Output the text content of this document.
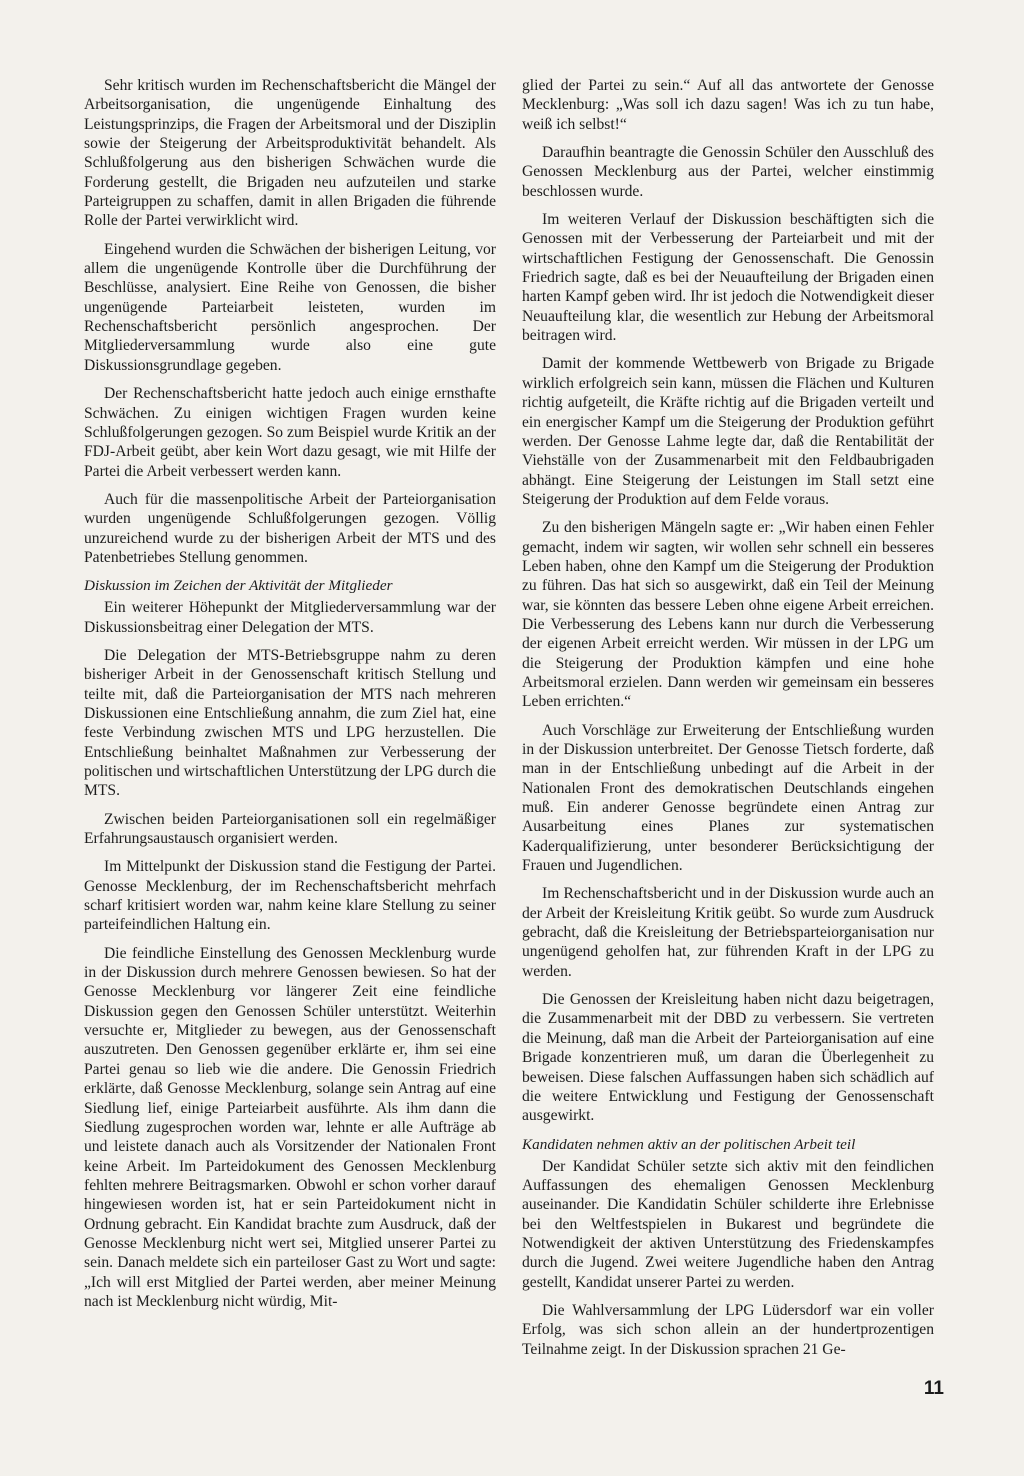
Sehr kritisch wurden im Rechenschaftsbericht die Mängel der Arbeitsorganisation, die ungenügende Einhaltung des Leistungsprinzips, die Fragen der Arbeitsmoral und der Disziplin sowie der Steigerung der Arbeitsproduktivität behandelt. Als Schlußfolgerung aus den bisherigen Schwächen wurde die Forderung gestellt, die Brigaden neu aufzuteilen und starke Parteigruppen zu schaffen, damit in allen Brigaden die führende Rolle der Partei verwirklicht wird.

Eingehend wurden die Schwächen der bisherigen Leitung, vor allem die ungenügende Kontrolle über die Durchführung der Beschlüsse, analysiert. Eine Reihe von Genossen, die bisher ungenügende Parteiarbeit leisteten, wurden im Rechenschaftsbericht persönlich angesprochen. Der Mitgliederversammlung wurde also eine gute Diskussionsgrundlage gegeben.

Der Rechenschaftsbericht hatte jedoch auch einige ernsthafte Schwächen. Zu einigen wichtigen Fragen wurden keine Schlußfolgerungen gezogen. So zum Beispiel wurde Kritik an der FDJ-Arbeit geübt, aber kein Wort dazu gesagt, wie mit Hilfe der Partei die Arbeit verbessert werden kann.

Auch für die massenpolitische Arbeit der Parteiorganisation wurden ungenügende Schlußfolgerungen gezogen. Völlig unzureichend wurde zu der bisherigen Arbeit der MTS und des Patenbetriebes Stellung genommen.

Diskussion im Zeichen der Aktivität der Mitglieder

Ein weiterer Höhepunkt der Mitgliederversammlung war der Diskussionsbeitrag einer Delegation der MTS.

Die Delegation der MTS-Betriebsgruppe nahm zu deren bisheriger Arbeit in der Genossenschaft kritisch Stellung und teilte mit, daß die Parteiorganisation der MTS nach mehreren Diskussionen eine Entschließung annahm, die zum Ziel hat, eine feste Verbindung zwischen MTS und LPG herzustellen. Die Entschließung beinhaltet Maßnahmen zur Verbesserung der politischen und wirtschaftlichen Unterstützung der LPG durch die MTS.

Zwischen beiden Parteiorganisationen soll ein regelmäßiger Erfahrungsaustausch organisiert werden.

Im Mittelpunkt der Diskussion stand die Festigung der Partei. Genosse Mecklenburg, der im Rechenschaftsbericht mehrfach scharf kritisiert worden war, nahm keine klare Stellung zu seiner parteifeindlichen Haltung ein.

Die feindliche Einstellung des Genossen Mecklenburg wurde in der Diskussion durch mehrere Genossen bewiesen. So hat der Genosse Mecklenburg vor längerer Zeit eine feindliche Diskussion gegen den Genossen Schüler unterstützt. Weiterhin versuchte er, Mitglieder zu bewegen, aus der Genossenschaft auszutreten. Den Genossen gegenüber erklärte er, ihm sei eine Partei genau so lieb wie die andere. Die Genossin Friedrich erklärte, daß Genosse Mecklenburg, solange sein Antrag auf eine Siedlung lief, einige Parteiarbeit ausführte. Als ihm dann die Siedlung zugesprochen worden war, lehnte er alle Aufträge ab und leistete danach auch als Vorsitzender der Nationalen Front keine Arbeit. Im Parteidokument des Genossen Mecklenburg fehlten mehrere Beitragsmarken. Obwohl er schon vorher darauf hingewiesen worden ist, hat er sein Parteidokument nicht in Ordnung gebracht. Ein Kandidat brachte zum Ausdruck, daß der Genosse Mecklenburg nicht wert sei, Mitglied unserer Partei zu sein. Danach meldete sich ein parteiloser Gast zu Wort und sagte: „Ich will erst Mitglied der Partei werden, aber meiner Meinung nach ist Mecklenburg nicht würdig, Mit-

glied der Partei zu sein.“ Auf all das antwortete der Genosse Mecklenburg: „Was soll ich dazu sagen! Was ich zu tun habe, weiß ich selbst!“

Daraufhin beantragte die Genossin Schüler den Ausschluß des Genossen Mecklenburg aus der Partei, welcher einstimmig beschlossen wurde.

Im weiteren Verlauf der Diskussion beschäftigten sich die Genossen mit der Verbesserung der Parteiarbeit und mit der wirtschaftlichen Festigung der Genossenschaft. Die Genossin Friedrich sagte, daß es bei der Neuaufteilung der Brigaden einen harten Kampf geben wird. Ihr ist jedoch die Notwendigkeit dieser Neuaufteilung klar, die wesentlich zur Hebung der Arbeitsmoral beitragen wird.

Damit der kommende Wettbewerb von Brigade zu Brigade wirklich erfolgreich sein kann, müssen die Flächen und Kulturen richtig aufgeteilt, die Kräfte richtig auf die Brigaden verteilt und ein energischer Kampf um die Steigerung der Produktion geführt werden. Der Genosse Lahme legte dar, daß die Rentabilität der Viehställe von der Zusammenarbeit mit den Feldbaubrigaden abhängt. Eine Steigerung der Leistungen im Stall setzt eine Steigerung der Produktion auf dem Felde voraus.

Zu den bisherigen Mängeln sagte er: „Wir haben einen Fehler gemacht, indem wir sagten, wir wollen sehr schnell ein besseres Leben haben, ohne den Kampf um die Steigerung der Produktion zu führen. Das hat sich so ausgewirkt, daß ein Teil der Meinung war, sie könnten das bessere Leben ohne eigene Arbeit erreichen. Die Verbesserung des Lebens kann nur durch die Verbesserung der eigenen Arbeit erreicht werden. Wir müssen in der LPG um die Steigerung der Produktion kämpfen und eine hohe Arbeitsmoral erzielen. Dann werden wir gemeinsam ein besseres Leben errichten.“

Auch Vorschläge zur Erweiterung der Entschließung wurden in der Diskussion unterbreitet. Der Genosse Tietsch forderte, daß man in der Entschließung unbedingt auf die Arbeit in der Nationalen Front des demokratischen Deutschlands eingehen muß. Ein anderer Genosse begründete einen Antrag zur Ausarbeitung eines Planes zur systematischen Kaderqualifizierung, unter besonderer Berücksichtigung der Frauen und Jugendlichen.

Im Rechenschaftsbericht und in der Diskussion wurde auch an der Arbeit der Kreisleitung Kritik geübt. So wurde zum Ausdruck gebracht, daß die Kreisleitung der Betriebsparteiorganisation nur ungenügend geholfen hat, zur führenden Kraft in der LPG zu werden.

Die Genossen der Kreisleitung haben nicht dazu beigetragen, die Zusammenarbeit mit der DBD zu verbessern. Sie vertreten die Meinung, daß man die Arbeit der Parteiorganisation auf eine Brigade konzentrieren muß, um daran die Überlegenheit zu beweisen. Diese falschen Auffassungen haben sich schädlich auf die weitere Entwicklung und Festigung der Genossenschaft ausgewirkt.

Kandidaten nehmen aktiv an der politischen Arbeit teil

Der Kandidat Schüler setzte sich aktiv mit den feindlichen Auffassungen des ehemaligen Genossen Mecklenburg auseinander. Die Kandidatin Schüler schilderte ihre Erlebnisse bei den Weltfestspielen in Bukarest und begründete die Notwendigkeit der aktiven Unterstützung des Friedenskampfes durch die Jugend. Zwei weitere Jugendliche haben den Antrag gestellt, Kandidat unserer Partei zu werden.

Die Wahlversammlung der LPG Lüdersdorf war ein voller Erfolg, was sich schon allein an der hundertprozentigen Teilnahme zeigt. In der Diskussion sprachen 21 Ge-

11
